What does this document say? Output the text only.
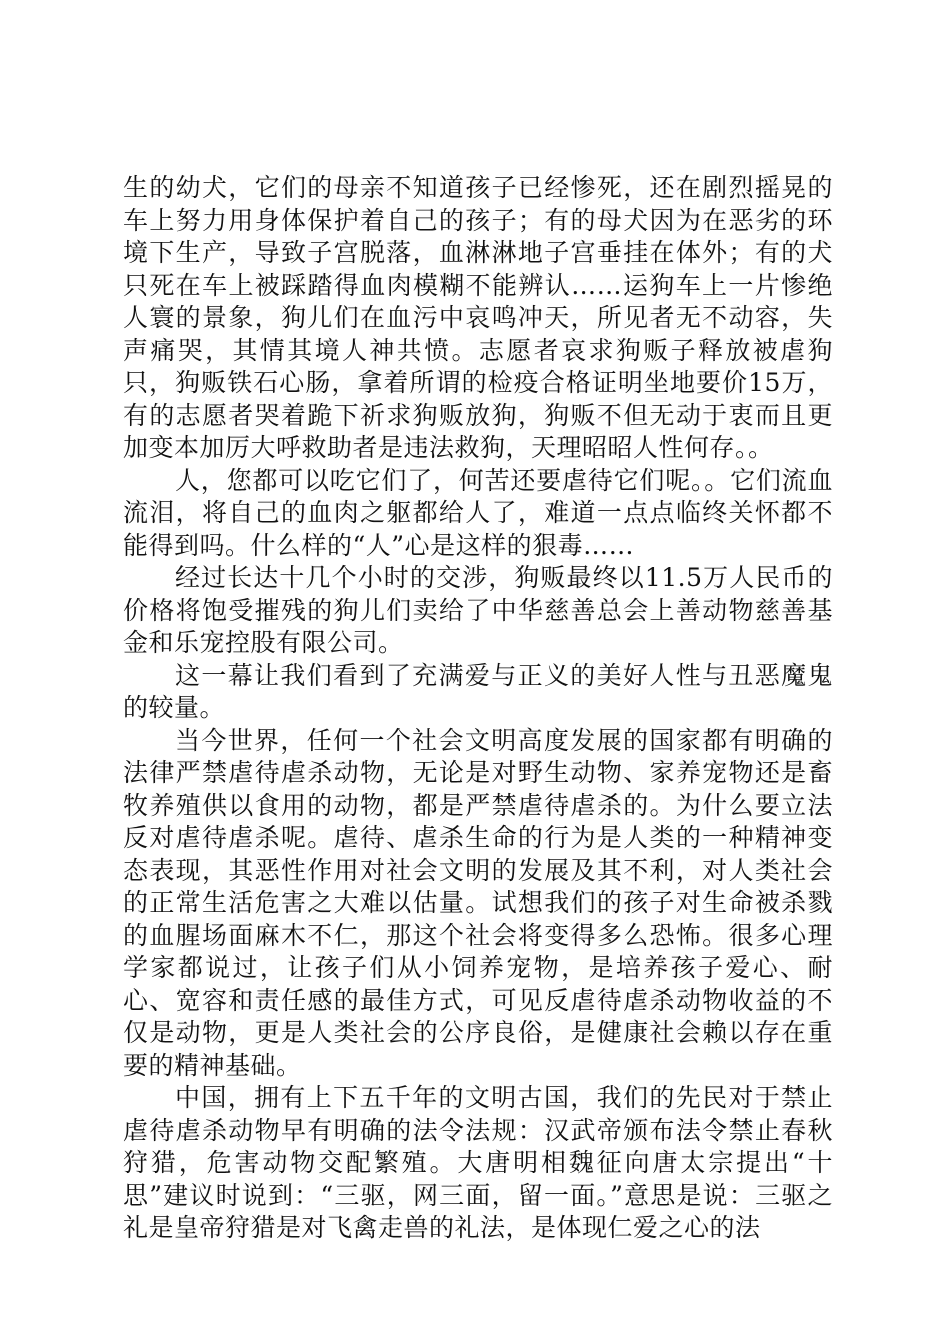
生的幼犬，它们的母亲不知道孩子已经惨死，还在剧烈摇晃的车上努力用身体保护着自己的孩子；有的母犬因为在恶劣的环境下生产，导致子宫脱落，血淋淋地子宫垂挂在体外；有的犬只死在车上被踩踏得血肉模糊不能辨认……运狗车上一片惨绝人寰的景象，狗儿们在血污中哀鸣冲天，所见者无不动容，失声痛哭，其情其境人神共愤。志愿者哀求狗贩子释放被虐狗只，狗贩铁石心肠，拿着所谓的检疫合格证明坐地要价15万，有的志愿者哭着跪下祈求狗贩放狗，狗贩不但无动于衷而且更加变本加厉大呼救助者是违法救狗，天理昭昭人性何存。。

人，您都可以吃它们了，何苦还要虐待它们呢。。它们流血流泪，将自己的血肉之躯都给人了，难道一点点临终关怀都不能得到吗。什么样的“人”心是这样的狠毒……

经过长达十几个小时的交涉，狗贩最终以11.5万人民币的价格将饱受摧残的狗儿们卖给了中华慈善总会上善动物慈善基金和乐宠控股有限公司。

这一幕让我们看到了充满爱与正义的美好人性与丑恶魔鬼的较量。

当今世界，任何一个社会文明高度发展的国家都有明确的法律严禁虐待虐杀动物，无论是对野生动物、家养宠物还是畜牧养殖供以食用的动物，都是严禁虐待虐杀的。为什么要立法反对虐待虐杀呢。虐待、虐杀生命的行为是人类的一种精神变态表现，其恶性作用对社会文明的发展及其不利，对人类社会的正常生活危害之大难以估量。试想我们的孩子对生命被杀戮的血腥场面麻木不仁，那这个社会将变得多么恐怖。很多心理学家都说过，让孩子们从小饲养宠物，是培养孩子爱心、耐心、宽容和责任感的最佳方式，可见反虐待虐杀动物收益的不仅是动物，更是人类社会的公序良俗，是健康社会赖以存在重要的精神基础。

中国，拥有上下五千年的文明古国，我们的先民对于禁止虐待虐杀动物早有明确的法令法规：汉武帝颁布法令禁止春秋狩猎，危害动物交配繁殖。大唐明相魏征向唐太宗提出“十思”建议时说到：“三驱，网三面，留一面。”意思是说：三驱之礼是皇帝狩猎是对飞禽走兽的礼法，是体现仁爱之心的法
